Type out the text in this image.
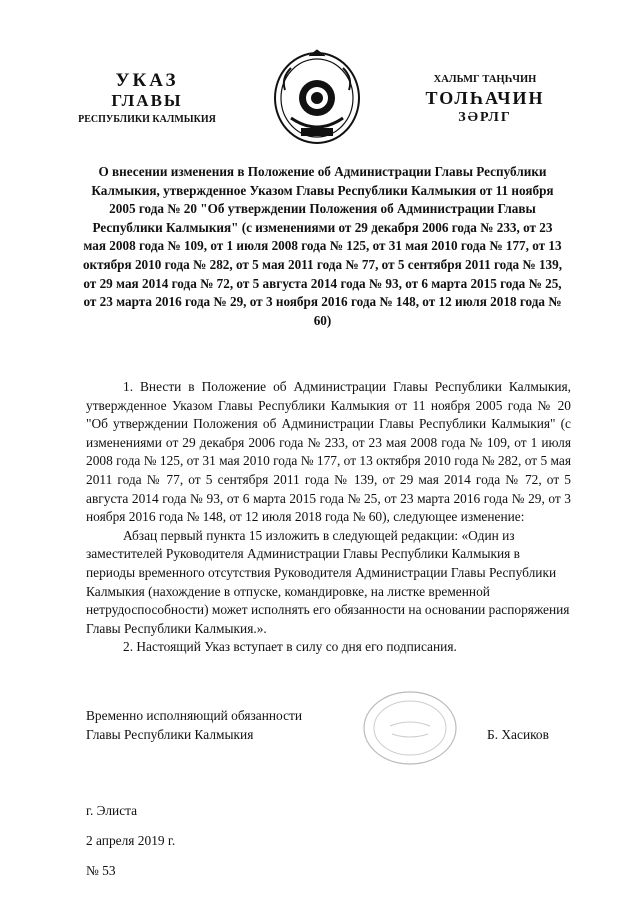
УКАЗ
ГЛАВЫ
РЕСПУБЛИКИ КАЛМЫКИЯ
ХАЛЬМГ ТАҢҺЧИН
ТОЛҺАЧИН
ЗӘРЛГ
О внесении изменения в Положение об Администрации Главы Республики Калмыкия, утвержденное Указом Главы Республики Калмыкия от 11 ноября 2005 года № 20 "Об утверждении Положения об Администрации Главы Республики Калмыкия" (с изменениями от 29 декабря 2006 года № 233, от 23 мая 2008 года № 109, от 1 июля 2008 года № 125, от 31 мая 2010 года № 177, от 13 октября 2010 года № 282, от 5 мая 2011 года № 77, от 5 сентября 2011 года № 139, от 29 мая 2014 года № 72, от 5 августа 2014 года № 93, от 6 марта 2015 года № 25, от 23 марта 2016 года № 29, от 3 ноября 2016 года № 148, от 12 июля 2018 года № 60)

1. Внести в Положение об Администрации Главы Республики Калмыкия, утвержденное Указом Главы Республики Калмыкия от 11 ноября 2005 года № 20 "Об утверждении Положения об Администрации Главы Республики Калмыкия" (с изменениями от 29 декабря 2006 года № 233, от 23 мая 2008 года № 109, от 1 июля 2008 года № 125, от 31 мая 2010 года № 177, от 13 октября 2010 года № 282, от 5 мая 2011 года № 77, от 5 сентября 2011 года № 139, от 29 мая 2014 года № 72, от 5 августа 2014 года № 93, от 6 марта 2015 года № 25, от 23 марта 2016 года № 29, от 3 ноября 2016 года № 148, от 12 июля 2018 года № 60), следующее изменение:

Абзац первый пункта 15 изложить в следующей редакции: «Один из заместителей Руководителя Администрации Главы Республики Калмыкия в периоды временного отсутствия Руководителя Администрации Главы Республики Калмыкия (нахождение в отпуске, командировке, на листке временной нетрудоспособности) может исполнять его обязанности на основании распоряжения Главы Республики Калмыкия.».

2. Настоящий Указ вступает в силу со дня его подписания.

Временно исполняющий обязанности
Главы Республики Калмыкия	Б. Хасиков
г. Элиста
2 апреля 2019 г.
№ 53
